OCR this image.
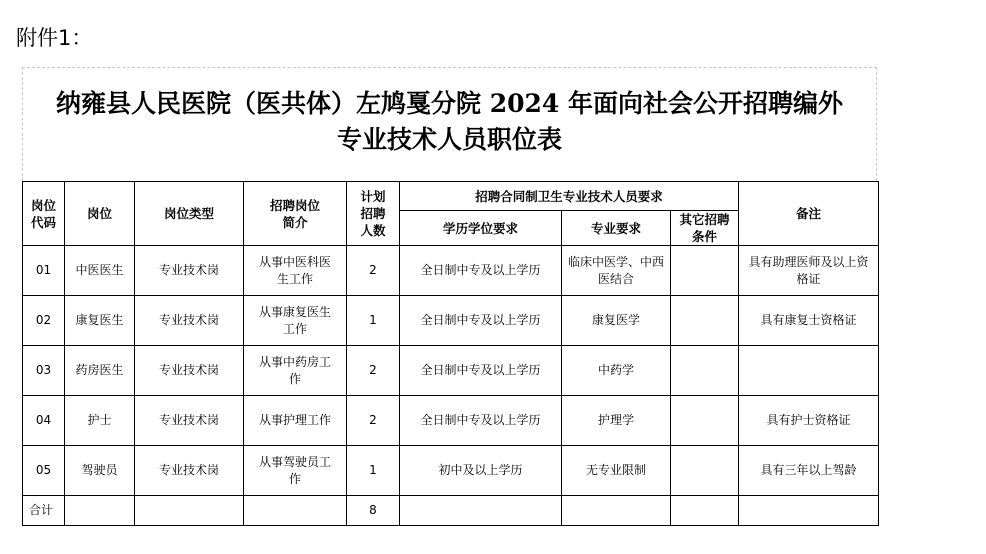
附件1：
纳雍县人民医院（医共体）左鸠戛分院 2024 年面向社会公开招聘编外
专业技术人员职位表
岗位代码	岗位	岗位类型	招聘岗位简介	计划招聘人数	招聘合同制卫生专业技术人员要求			备注
					学历学位要求	专业要求	其它招聘条件	
01	中医医生	专业技术岗	从事中医科医生工作	2	全日制中专及以上学历	临床中医学、中西医结合		具有助理医师及以上资格证
02	康复医生	专业技术岗	从事康复医生工作	1	全日制中专及以上学历	康复医学		具有康复士资格证
03	药房医生	专业技术岗	从事中药房工作	2	全日制中专及以上学历	中药学		
04	护士	专业技术岗	从事护理工作	2	全日制中专及以上学历	护理学		具有护士资格证
05	驾驶员	专业技术岗	从事驾驶员工作	1	初中及以上学历	无专业限制		具有三年以上驾龄
合计				8				
